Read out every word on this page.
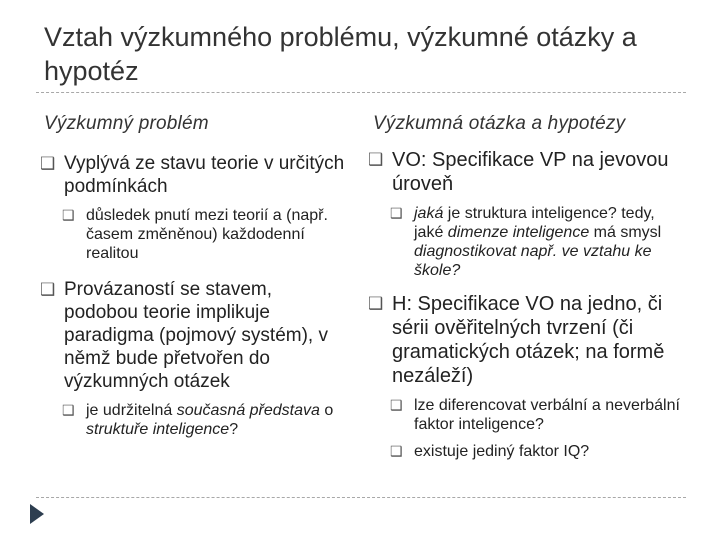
Vztah výzkumného problému, výzkumné otázky a hypotéz
Výzkumný problém	Výzkumná otázka a hypotézy
❑ Vyplývá ze stavu teorie v určitých podmínkách
❑ důsledek pnutí mezi teorií a (např. časem změněnou) každodenní realitou
❑ Provázaností se stavem, podobou teorie implikuje paradigma (pojmový systém), v němž bude přetvořen do výzkumných otázek
❑ je udržitelná současná představa o struktuře inteligence?
❑ VO: Specifikace VP na jevovou úroveň
❑ jaká je struktura inteligence? tedy, jaké dimenze inteligence má smysl diagnostikovat např. ve vztahu ke škole?
❑ H: Specifikace VO na jedno, či sérii ověřitelných tvrzení (či gramatických otázek; na formě nezáleží)
❑ lze diferencovat verbální a neverbální faktor inteligence?
❑ existuje jediný faktor IQ?
